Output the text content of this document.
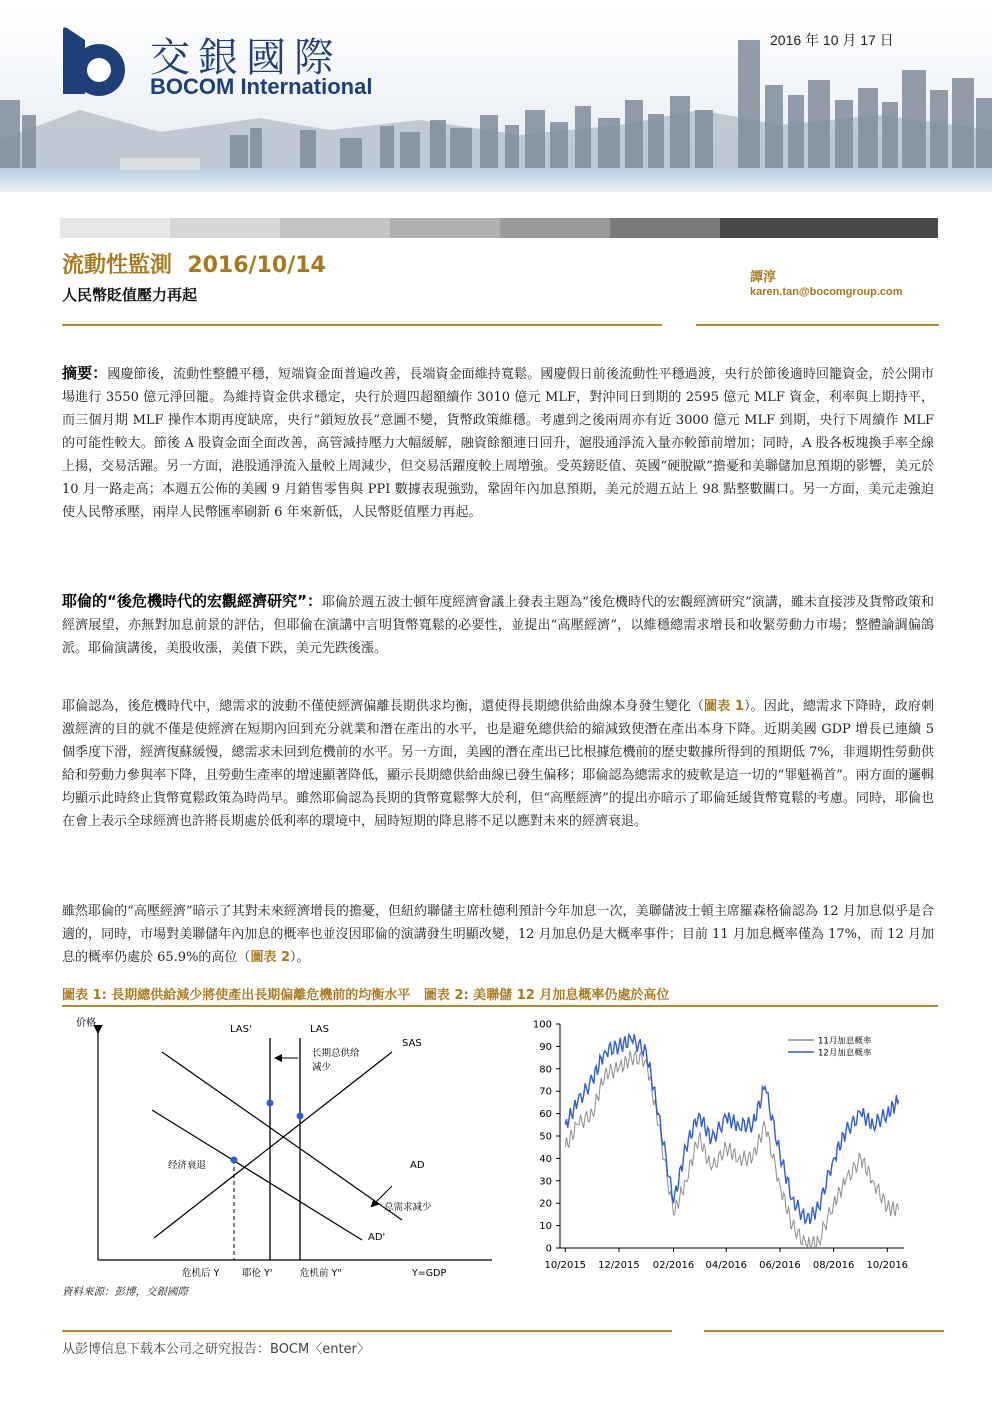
交銀國際
BOCOM International
2016 年 10 月 17 日
流動性監測  2016/10/14
人民幣貶值壓力再起
譚淳
karen.tan@bocomgroup.com
摘要：國慶節後，流動性整體平穩，短端資金面普遍改善，長端資金面維持寬鬆。國慶假日前後流動性平穩過渡，央行於節後適時回籠資金，於公開市場進行 3550 億元淨回籠。為維持資金供求穩定，央行於週四超額續作 3010 億元 MLF，對沖同日到期的 2595 億元 MLF 資金，利率與上期持平，而三個月期 MLF 操作本期再度缺席，央行“鎖短放長”意圖不變，貨幣政策維穩。考慮到之後兩周亦有近 3000 億元 MLF 到期，央行下周續作 MLF 的可能性較大。節後 A 股資金面全面改善，高管減持壓力大幅緩解，融資餘額連日回升，滬股通淨流入量亦較節前增加；同時，A 股各板塊換手率全線上揚，交易活躍。另一方面，港股通淨流入量較上周減少，但交易活躍度較上周增強。受英鎊貶值、英國“硬脫歐”擔憂和美聯儲加息預期的影響，美元於 10 月一路走高；本週五公佈的美國 9 月銷售零售與 PPI 數據表現強勁，鞏固年內加息預期，美元於週五站上 98 點整數關口。另一方面，美元走強迫使人民幣承壓，兩岸人民幣匯率刷新 6 年來新低，人民幣貶值壓力再起。
耶倫的“後危機時代的宏觀經濟研究”：耶倫於週五波士頓年度經濟會議上發表主題為“後危機時代的宏觀經濟研究”演講，雖未直接涉及貨幣政策和經濟展望，亦無對加息前景的評估，但耶倫在演講中言明貨幣寬鬆的必要性，並提出“高壓經濟”，以維穩總需求增長和收緊勞動力市場；整體論調偏鴿派。耶倫演講後，美股收漲，美債下跌，美元先跌後漲。
耶倫認為，後危機時代中，總需求的波動不僅使經濟偏離長期供求均衡，還使得長期總供給曲線本身發生變化（圖表 1）。因此，總需求下降時，政府刺激經濟的目的就不僅是使經濟在短期內回到充分就業和潛在產出的水平，也是避免總供給的縮減致使潛在產出本身下降。近期美國 GDP 增長已連續 5 個季度下滑，經濟復蘇緩慢，總需求未回到危機前的水平。另一方面，美國的潛在產出已比根據危機前的歷史數據所得到的預期低 7%，非週期性勞動供給和勞動力參與率下降，且勞動生產率的增速顯著降低，顯示長期總供給曲線已發生偏移；耶倫認為總需求的疲軟是這一切的“罪魁禍首”。兩方面的邏輯均顯示此時終止貨幣寬鬆政策為時尚早。雖然耶倫認為長期的貨幣寬鬆弊大於利，但“高壓經濟”的提出亦暗示了耶倫延緩貨幣寬鬆的考慮。同時，耶倫也在會上表示全球經濟也許將長期處於低利率的環境中，屆時短期的降息將不足以應對未來的經濟衰退。
雖然耶倫的“高壓經濟”暗示了其對未來經濟增長的擔憂，但紐約聯儲主席杜德利預計今年加息一次，美聯儲波士頓主席羅森格倫認為 12 月加息似乎是合適的，同時，市場對美聯儲年內加息的概率也並沒因耶倫的演講發生明顯改變，12 月加息仍是大概率事件；目前 11 月加息概率僅為 17%，而 12 月加息的概率仍處於 65.9%的高位（圖表 2）。
圖表 1: 長期總供給減少將使產出長期偏離危機前的均衡水平 圖表 2: 美聯儲 12 月加息概率仍處於高位
价格
LAS'	LAS
长期总供给
减少
SAS
AD
AD'
总需求减少
经济衰退
危机后 Y 耶伦 Y'	危机前 Y"	Y=GDP
0
10
20
30
40
50
60
70
80
90
100
10/2015 12/2015 02/2016 04/2016 06/2016 08/2016 10/2016
11月加息概率
12月加息概率
資料來源：彭博，交銀國際
从彭博信息下载本公司之研究报告：BOCM〈enter〉
